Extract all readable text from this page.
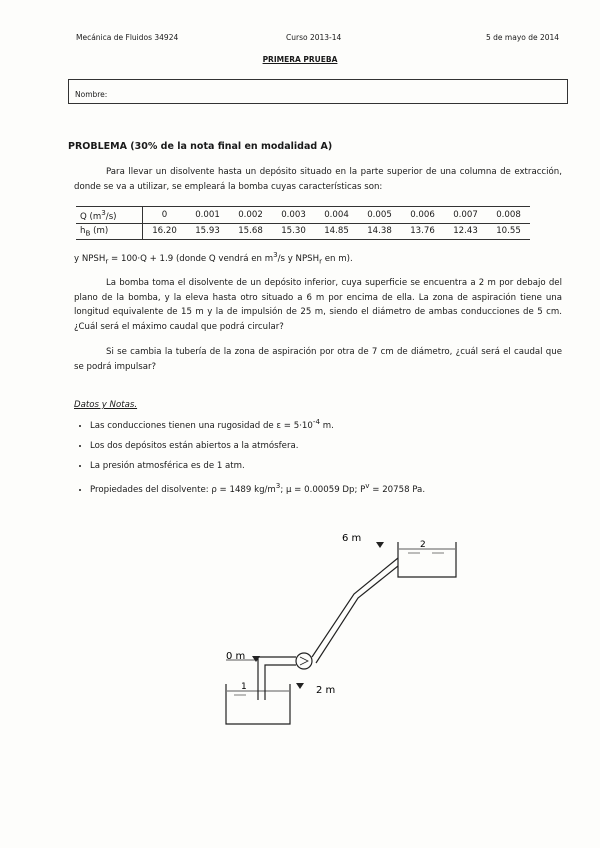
Mecánica de Fluidos 34924	Curso 2013-14	5 de mayo de 2014
PRIMERA PRUEBA
Nombre:
PROBLEMA (30% de la nota final en modalidad A)
Para llevar un disolvente hasta un depósito situado en la parte superior de una columna de extracción, donde se va a utilizar, se empleará la bomba cuyas características son:
Q $(m^3/s)$	0	0.001	0.002	0.003	0.004	0.005	0.006	0.007	0.008
$h_B$ (m)	16.20	15.93	15.68	15.30	14.85	14.38	13.76	12.43	10.55
y $NPSH_r = 100\cdot Q + 1.9$ (donde Q vendrá en $m^3/s$ y $NPSH_r$ en m).
La bomba toma el disolvente de un depósito inferior, cuya superficie se encuentra a 2 m por debajo del plano de la bomba, y la eleva hasta otro situado a 6 m por encima de ella. La zona de aspiración tiene una longitud equivalente de 15 m y la de impulsión de 25 m, siendo el diámetro de ambas conducciones de 5 cm. ¿Cuál será el máximo caudal que podrá circular?
Si se cambia la tubería de la zona de aspiración por otra de 7 cm de diámetro, ¿cuál será el caudal que se podrá impulsar?
Datos y Notas.
• Las conducciones tienen una rugosidad de $\varepsilon = 5\cdot 10^{-4}$ m.
• Los dos depósitos están abiertos a la atmósfera.
• La presión atmosférica es de 1 atm.
• Propiedades del disolvente: ρ = 1489 $kg/m^3$; μ = 0.00059 Dp; $P^v = 20758$ Pa.
6 m
2
0 m
1	2 m
